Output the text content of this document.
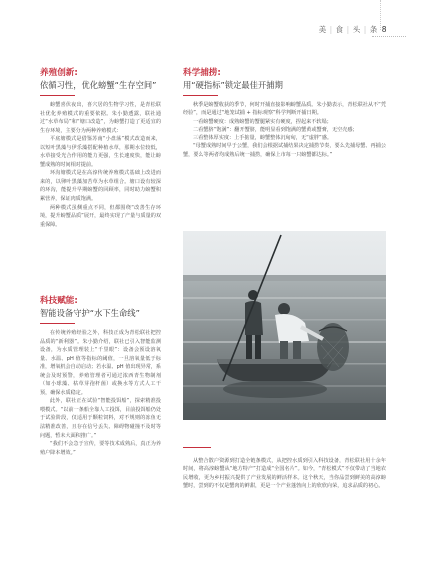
美 | 食 | 头 | 条 8
养殖创新:
依循习性，优化螃蟹“生存空间”

螃蟹喜伏夜出，喜穴居的生物学习性，是青松联社优化养殖模式的重要依据。朱小勤透露，联社通过“水草布局”和“塘口改造”，为螃蟹打造了更适宜的生存环境，主要分为两种养殖模式：

平底塘模式是借鉴苏南“小盘荡”模式改造而来，以短叶黑藻与伊乐藻搭配种植水草，那期水位较低，水草接受光合作用的能力更强，生长速度快，能让螃蟹成熟的时间相对提前。

环沟塘模式是在高淳传统养殖模式基础上改进而来的，以卵叶黑藻加苦草为水草组合。塘口设有较深的环沟，能提升早期螃蟹的回顾率，同时助力螃蟹积累营养，保证肉质饱满。

两种模式虽侧重点不同，但都围绕“改善生存环境，提升螃蟹品质”展开，最终实现了产量与质量的双重保障。

科技赋能:
智能设备守护“水下生命线”

在传统养殖经验之外，科技正成为青松联社把控品质的“新利器”。朱小勤介绍，联社已引入智能监测设备，为水质管理装上“千里眼”：设备会预设溶氧量、水温、pH 值等指标的阈值，一旦溶氧量低于标准，增氧机会自动启动；若水温、pH 值出现异常，系统会及时预警，养殖管理者可通过浓西青生物制剂（如小球藻、枯草芽孢杆菌）或换水等方式人工干预，确保水质稳定。

此外，联社正在试验“智能投饵船”，探索精准投喂模式。“以前一条船全靠人工投饵，目前投饵船仍处于试验阶段，仅适用于颗粒饲料，对不规则的冻鱼无法精准改善，且存在信号丢失、障碍物碰撞不及时等问题，暂未大面积推广。”

“我们不会急于宣传，要等技术成熟后，真正为养殖户降本增效。”

科学捕捞:
用“硬指标”锁定最佳开捕期

秋季是螃蟹收获的季节，何时开捕直接影响螃蟹品质。朱小勤表示，青松联社从不“凭经验”，而是通过“地笼试捕 + 指标观察”科学判断开捕日期。

一看螃蟹硬度：成熟螃蟹的蟹腿紧实有硬度，捏起来不软塌；

二看蟹脐“饱满”：翻开蟹脐，能明显看到饱满的蟹黄或蟹膏，无空壳感；

三看整体厚实度：上手掂量，螃蟹整体沉甸甸，无“虚胖”感。

“母蟹成熟时间早于公蟹，我们会根据试捕结果决定捕捞节奏，要么先捕母蟹、再捕公蟹，要么等两者均成熟后统一捕捞，确保上市每一只螃蟹都达标。”

从整合散户资源到打造全链条模式，从把控水质到引入科技设备，青松联社用十余年时间，将高淳螃蟹从“地方特产”打造成“全国名片”。如今，“青松模式”不仅带动了当地农民增收，更为乡村振兴提供了产业发展的鲜活样本。这个秋天，当你品尝到鲜美的高淳螃蟹时，尝到的不仅是蟹肉的鲜甜，更是一个产业蓬勃向上的欣欣向荣，追求品质的初心。
